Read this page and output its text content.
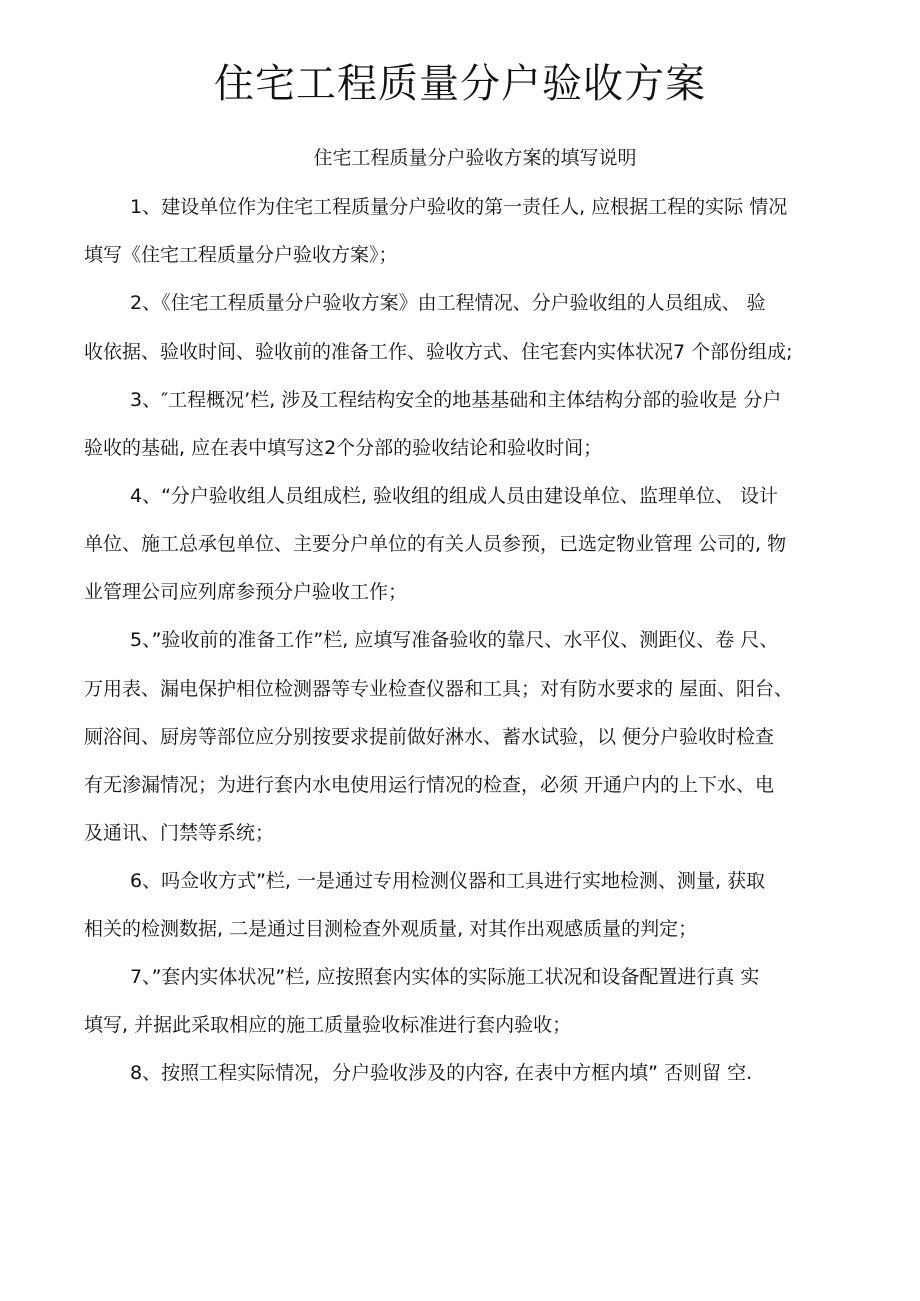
住宅工程质量分户验收方案

住宅工程质量分户验收方案的填写说明

1、建设单位作为住宅工程质量分户验收的第一责任人, 应根据工程的实际 情况

填写《住宅工程质量分户验收方案》；

2、《住宅工程质量分户验收方案》由工程情况、分户验收组的人员组成、 验

收依据、验收时间、验收前的准备工作、验收方式、住宅套内实体状况7 个部份组成;

3、″工程概况’栏, 涉及工程结构安全的地基基础和主体结构分部的验收是 分户

验收的基础, 应在表中填写这2个分部的验收结论和验收时间；

4、“分户验收组人员组成栏, 验收组的组成人员由建设单位、监理单位、 设计

单位、施工总承包单位、主要分户单位的有关人员参预，已选定物业管理 公司的, 物

业管理公司应列席参预分户验收工作；

5、”验收前的准备工作”栏, 应填写准备验收的靠尺、水平仪、测距仪、卷 尺、

万用表、漏电保护相位检测器等专业检查仪器和工具；对有防水要求的 屋面、阳台、

厕浴间、厨房等部位应分别按要求提前做好淋水、蓄水试验，以 便分户验收时检查

有无渗漏情况；为进行套内水电使用运行情况的检查，必须 开通户内的上下水、电

及通讯、门禁等系统；

6、吗佥收方式”栏, 一是通过专用检测仪器和工具进行实地检测、测量, 获取

相关的检测数据, 二是通过目测检查外观质量, 对其作出观感质量的判定；

7、”套内实体状况”栏, 应按照套内实体的实际施工状况和设备配置进行真 实

填写, 并据此采取相应的施工质量验收标准进行套内验收；

8、按照工程实际情况，分户验收涉及的内容, 在表中方框内填” 否则留 空.
